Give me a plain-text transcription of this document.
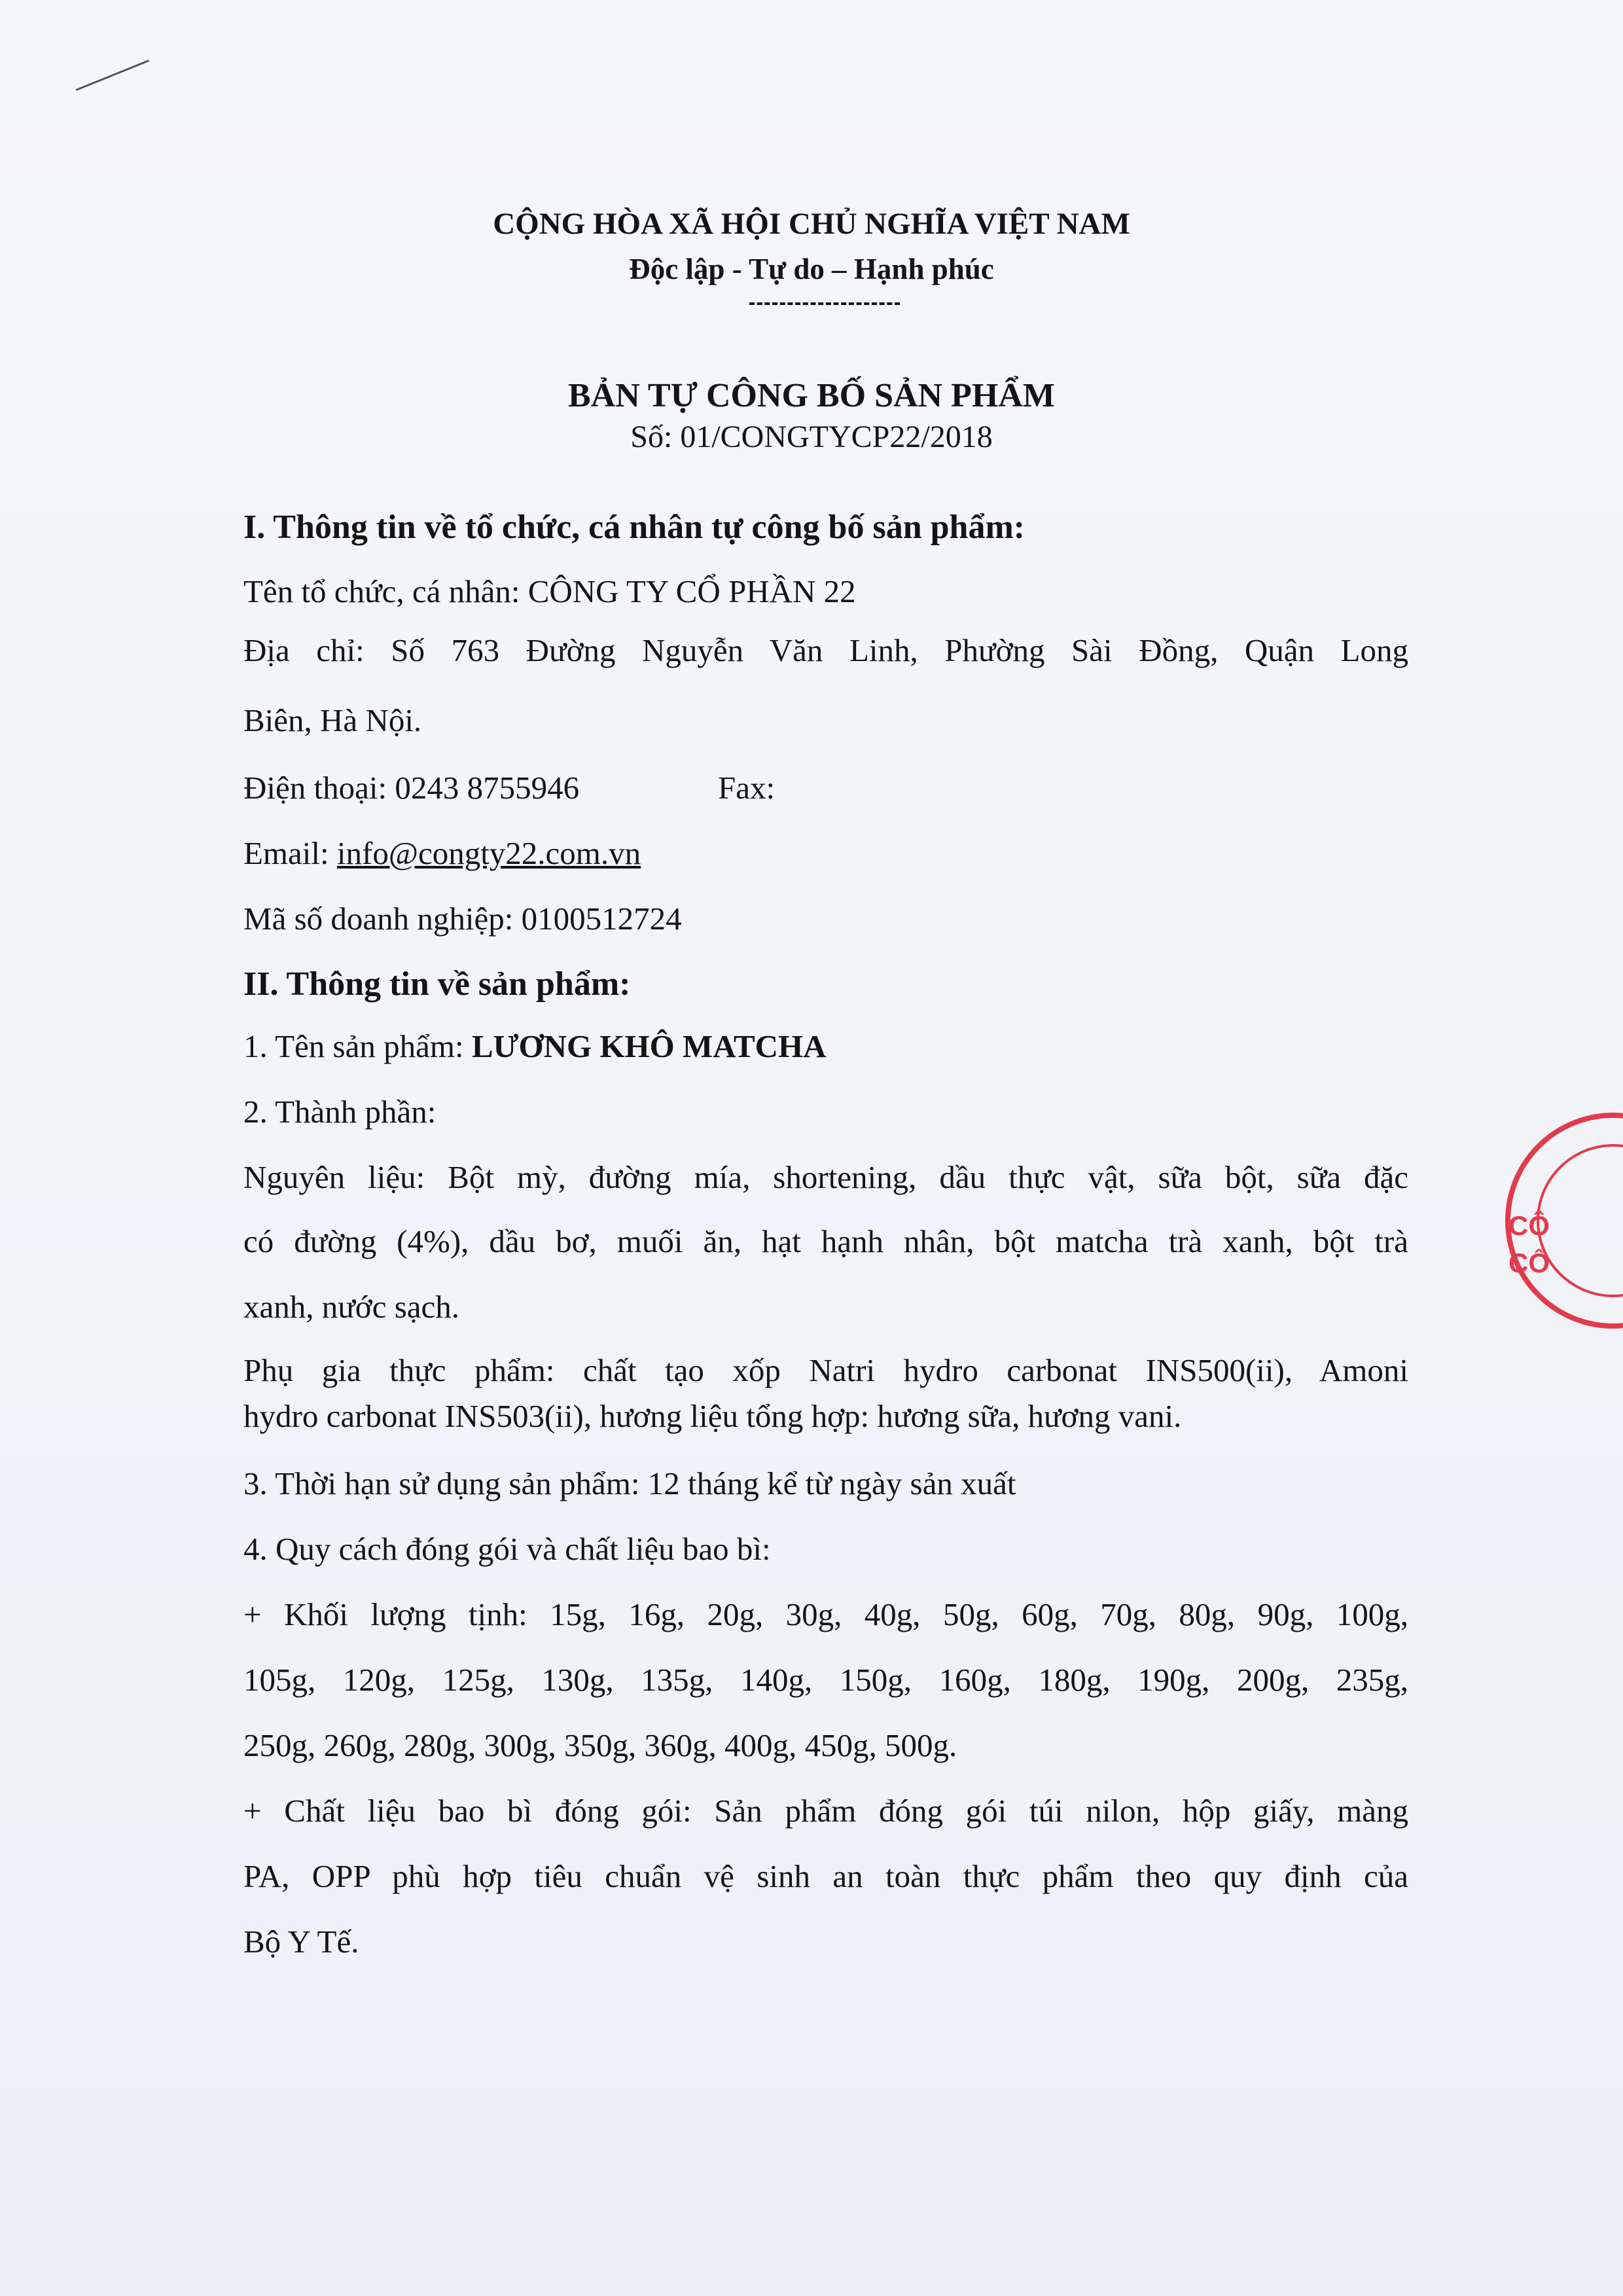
CỘNG HÒA XÃ HỘI CHỦ NGHĨA VIỆT NAM
Độc lập - Tự do – Hạnh phúc
BẢN TỰ CÔNG BỐ SẢN PHẨM
Số: 01/CONGTYCP22/2018
I. Thông tin về tổ chức, cá nhân tự công bố sản phẩm:
Tên tổ chức, cá nhân: CÔNG TY CỔ PHẦN 22
Địa chỉ: Số 763 Đường Nguyễn Văn Linh, Phường Sài Đồng, Quận Long
Biên, Hà Nội.
Điện thoại: 0243 8755946	Fax:
Email: info@congty22.com.vn
Mã số doanh nghiệp: 0100512724
II. Thông tin về sản phẩm:
1. Tên sản phẩm: LƯƠNG KHÔ MATCHA
2. Thành phần:
Nguyên liệu: Bột mỳ, đường mía, shortening, dầu thực vật, sữa bột, sữa đặc
có đường (4%), dầu bơ, muối ăn, hạt hạnh nhân, bột matcha trà xanh, bột trà
xanh, nước sạch.
Phụ gia thực phẩm: chất tạo xốp Natri hydro carbonat INS500(ii), Amoni
hydro carbonat INS503(ii), hương liệu tổng hợp: hương sữa, hương vani.
3. Thời hạn sử dụng sản phẩm: 12 tháng kể từ ngày sản xuất
4. Quy cách đóng gói và chất liệu bao bì:
+ Khối lượng tịnh: 15g, 16g, 20g, 30g, 40g, 50g, 60g, 70g, 80g, 90g, 100g,
105g, 120g, 125g, 130g, 135g, 140g, 150g, 160g, 180g, 190g, 200g, 235g,
250g, 260g, 280g, 300g, 350g, 360g, 400g, 450g, 500g.
+ Chất liệu bao bì đóng gói: Sản phẩm đóng gói túi nilon, hộp giấy, màng
PA, OPP phù hợp tiêu chuẩn vệ sinh an toàn thực phẩm theo quy định của
Bộ Y Tế.
CÔ
CỔ
